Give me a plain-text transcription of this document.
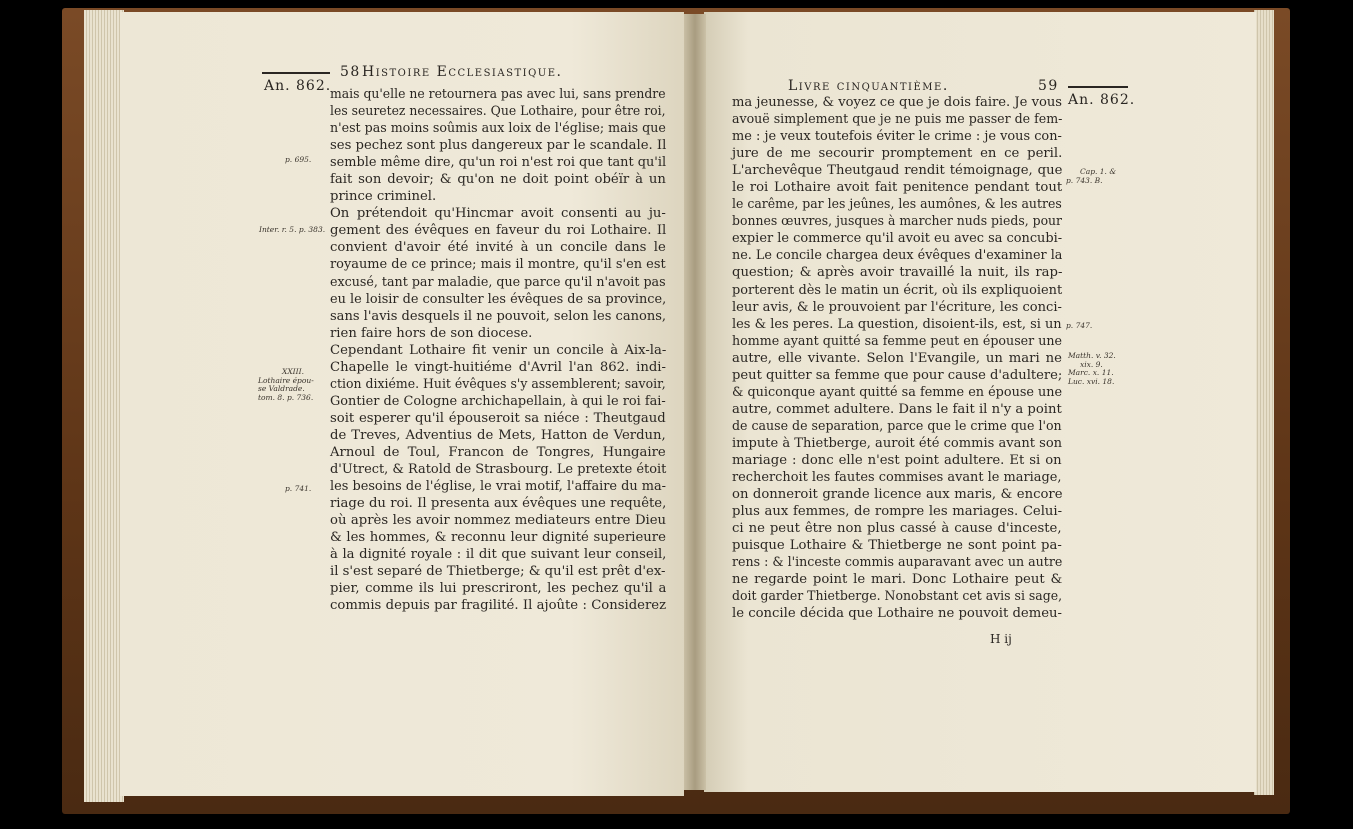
An. 862.
58 Histoire Ecclesiastique.
p. 695.
Inter. r. 5. p. 383.
XXIII.
Lothaire épou-
se Valdrade.
tom. 8. p. 736.
p. 741.
mais qu'elle ne retournera pas avec lui, sans prendre
les seuretez necessaires. Que Lothaire, pour être roi,
n'est pas moins soûmis aux loix de l'église; mais que
ses pechez sont plus dangereux par le scandale. Il
semble même dire, qu'un roi n'est roi que tant qu'il
fait son devoir; & qu'on ne doit point obéïr à un
prince criminel.
On prétendoit qu'Hincmar avoit consenti au ju-
gement des évêques en faveur du roi Lothaire. Il
convient d'avoir été invité à un concile dans le
royaume de ce prince; mais il montre, qu'il s'en est
excusé, tant par maladie, que parce qu'il n'avoit pas
eu le loisir de consulter les évêques de sa province,
sans l'avis desquels il ne pouvoit, selon les canons,
rien faire hors de son diocese.
Cependant Lothaire fit venir un concile à Aix-la-
Chapelle le vingt-huitiéme d'Avril l'an 862. indi-
ction dixiéme. Huit évêques s'y assemblerent; savoir,
Gontier de Cologne archichapellain, à qui le roi fai-
soit esperer qu'il épouseroit sa niéce : Theutgaud
de Treves, Adventius de Mets, Hatton de Verdun,
Arnoul de Toul, Francon de Tongres, Hungaire
d'Utrect, & Ratold de Strasbourg. Le pretexte étoit
les besoins de l'église, le vrai motif, l'affaire du ma-
riage du roi. Il presenta aux évêques une requête,
où après les avoir nommez mediateurs entre Dieu
& les hommes, & reconnu leur dignité superieure
à la dignité royale : il dit que suivant leur conseil,
il s'est separé de Thietberge; & qu'il est prêt d'ex-
pier, comme ils lui prescriront, les pechez qu'il a
commis depuis par fragilité. Il ajoûte : Considerez
Livre cinquantième.	59
An. 862.
Cap. 1. &
p. 743. B.
p. 747.
Matth. v. 32.
xix. 9.
Marc. x. 11.
Luc. xvi. 18.
ma jeunesse, & voyez ce que je dois faire. Je vous
avouë simplement que je ne puis me passer de fem-
me : je veux toutefois éviter le crime : je vous con-
jure de me secourir promptement en ce peril.
L'archevêque Theutgaud rendit témoignage, que
le roi Lothaire avoit fait penitence pendant tout
le carême, par les jeûnes, les aumônes, & les autres
bonnes œuvres, jusques à marcher nuds pieds, pour
expier le commerce qu'il avoit eu avec sa concubi-
ne. Le concile chargea deux évêques d'examiner la
question; & après avoir travaillé la nuit, ils rap-
porterent dès le matin un écrit, où ils expliquoient
leur avis, & le prouvoient par l'écriture, les conci-
les & les peres. La question, disoient-ils, est, si un
homme ayant quitté sa femme peut en épouser une
autre, elle vivante. Selon l'Evangile, un mari ne
peut quitter sa femme que pour cause d'adultere;
& quiconque ayant quitté sa femme en épouse une
autre, commet adultere. Dans le fait il n'y a point
de cause de separation, parce que le crime que l'on
impute à Thietberge, auroit été commis avant son
mariage : donc elle n'est point adultere. Et si on
recherchoit les fautes commises avant le mariage,
on donneroit grande licence aux maris, & encore
plus aux femmes, de rompre les mariages. Celui-
ci ne peut être non plus cassé à cause d'inceste,
puisque Lothaire & Thietberge ne sont point pa-
rens : & l'inceste commis auparavant avec un autre
ne regarde point le mari. Donc Lothaire peut &
doit garder Thietberge. Nonobstant cet avis si sage,
le concile décida que Lothaire ne pouvoit demeu-
H ij
